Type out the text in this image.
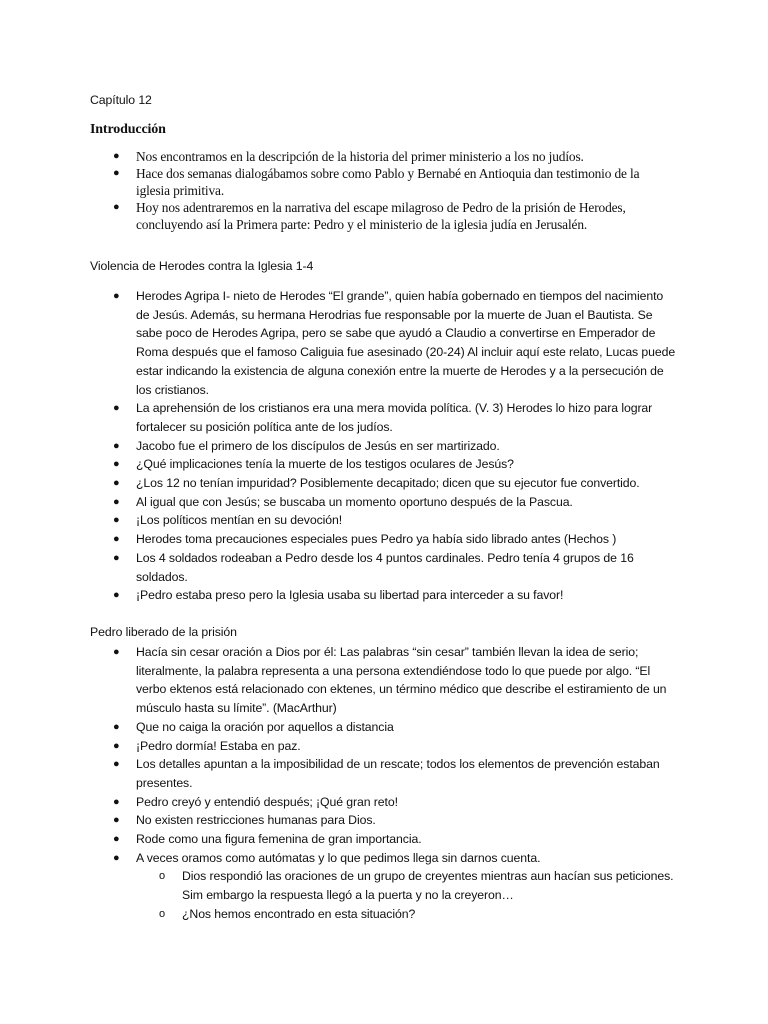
Capítulo 12

Introducción

● Nos encontramos en la descripción de la historia del primer ministerio a los no judíos.
● Hace dos semanas dialogábamos sobre como Pablo y Bernabé en Antioquia dan testimonio de la iglesia primitiva.
● Hoy nos adentraremos en la narrativa del escape milagroso de Pedro de la prisión de Herodes, concluyendo así la Primera parte: Pedro y el ministerio de la iglesia judía en Jerusalén.

Violencia de Herodes contra la Iglesia 1-4

● Herodes Agripa I- nieto de Herodes “El grande”, quien había gobernado en tiempos del nacimiento de Jesús. Además, su hermana Herodrias fue responsable por la muerte de Juan el Bautista. Se sabe poco de Herodes Agripa, pero se sabe que ayudó a Claudio a convertirse en Emperador de Roma después que el famoso Caliguia fue asesinado (20-24) Al incluir aquí este relato, Lucas puede estar indicando la existencia de alguna conexión entre la muerte de Herodes y a la persecución de los cristianos.
● La aprehensión de los cristianos era una mera movida política. (V. 3) Herodes lo hizo para lograr fortalecer su posición política ante de los judíos.
● Jacobo fue el primero de los discípulos de Jesús en ser martirizado.
● ¿Qué implicaciones tenía la muerte de los testigos oculares de Jesús?
● ¿Los 12 no tenían impuridad? Posiblemente decapitado; dicen que su ejecutor fue convertido.
● Al igual que con Jesús; se buscaba un momento oportuno después de la Pascua.
● ¡Los políticos mentían en su devoción!
● Herodes toma precauciones especiales pues Pedro ya había sido librado antes (Hechos )
● Los 4 soldados rodeaban a Pedro desde los 4 puntos cardinales. Pedro tenía 4 grupos de 16 soldados.
● ¡Pedro estaba preso pero la Iglesia usaba su libertad para interceder a su favor!

Pedro liberado de la prisión

● Hacía sin cesar oración a Dios por él: Las palabras “sin cesar” también llevan la idea de serio; literalmente, la palabra representa a una persona extendiéndose todo lo que puede por algo. “El verbo ektenos está relacionado con ektenes, un término médico que describe el estiramiento de un músculo hasta su límite”. (MacArthur)
● Que no caiga la oración por aquellos a distancia
● ¡Pedro dormía! Estaba en paz.
● Los detalles apuntan a la imposibilidad de un rescate; todos los elementos de prevención estaban presentes.
● Pedro creyó y entendió después; ¡Qué gran reto!
● No existen restricciones humanas para Dios.
● Rode como una figura femenina de gran importancia.
● A veces oramos como autómatas y lo que pedimos llega sin darnos cuenta.
o Dios respondió las oraciones de un grupo de creyentes mientras aun hacían sus peticiones. Sim embargo la respuesta llegó a la puerta y no la creyeron…
o ¿Nos hemos encontrado en esta situación?
